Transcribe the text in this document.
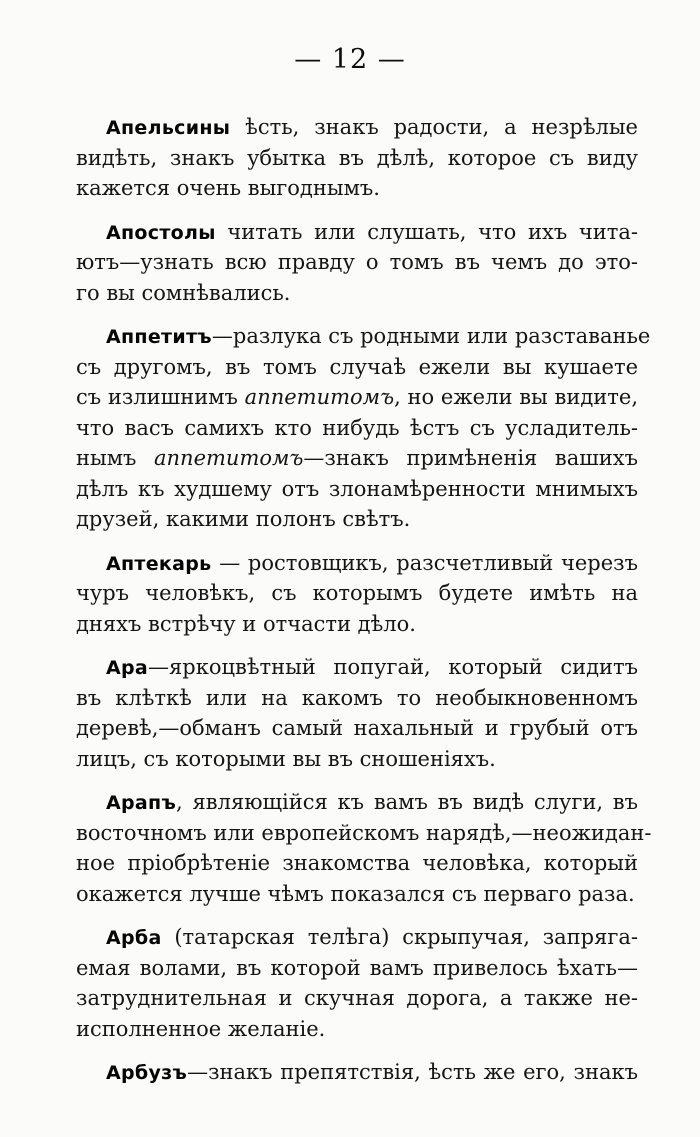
— 12 —
Апельсины ѣсть, знакъ радости, а незрѣлые
видѣть, знакъ убытка въ дѣлѣ, которое съ виду
кажется очень выгоднымъ.
Апостолы читать или слушать, что ихъ чита-
ютъ—узнать всю правду о томъ въ чемъ до это-
го вы сомнѣвались.
Аппетитъ—разлука съ родными или разставанье
съ другомъ, въ томъ случаѣ ежели вы кушаете
съ излишнимъ аппетитомъ, но ежели вы видите,
что васъ самихъ кто нибудь ѣстъ съ усладитель-
нымъ аппетитомъ—знакъ примѣненія вашихъ
дѣлъ къ худшему отъ злонамѣренности мнимыхъ
друзей, какими полонъ свѣтъ.
Аптекарь — ростовщикъ, разсчетливый черезъ
чуръ человѣкъ, съ которымъ будете имѣть на
дняхъ встрѣчу и отчасти дѣло.
Ара—яркоцвѣтный попугай, который сидитъ
въ клѣткѣ или на какомъ то необыкновенномъ
деревѣ,—обманъ самый нахальный и грубый отъ
лицъ, съ которыми вы въ сношеніяхъ.
Арапъ, являющійся къ вамъ въ видѣ слуги, въ
восточномъ или европейскомъ нарядѣ,—неожидан-
ное пріобрѣтеніе знакомства человѣка, который
окажется лучше чѣмъ показался съ перваго раза.
Арба (татарская телѣга) скрыпучая, запряга-
емая волами, въ которой вамъ привелось ѣхать—
затруднительная и скучная дорога, а также не-
исполненное желаніе.
Арбузъ—знакъ препятствія, ѣсть же его, знакъ
